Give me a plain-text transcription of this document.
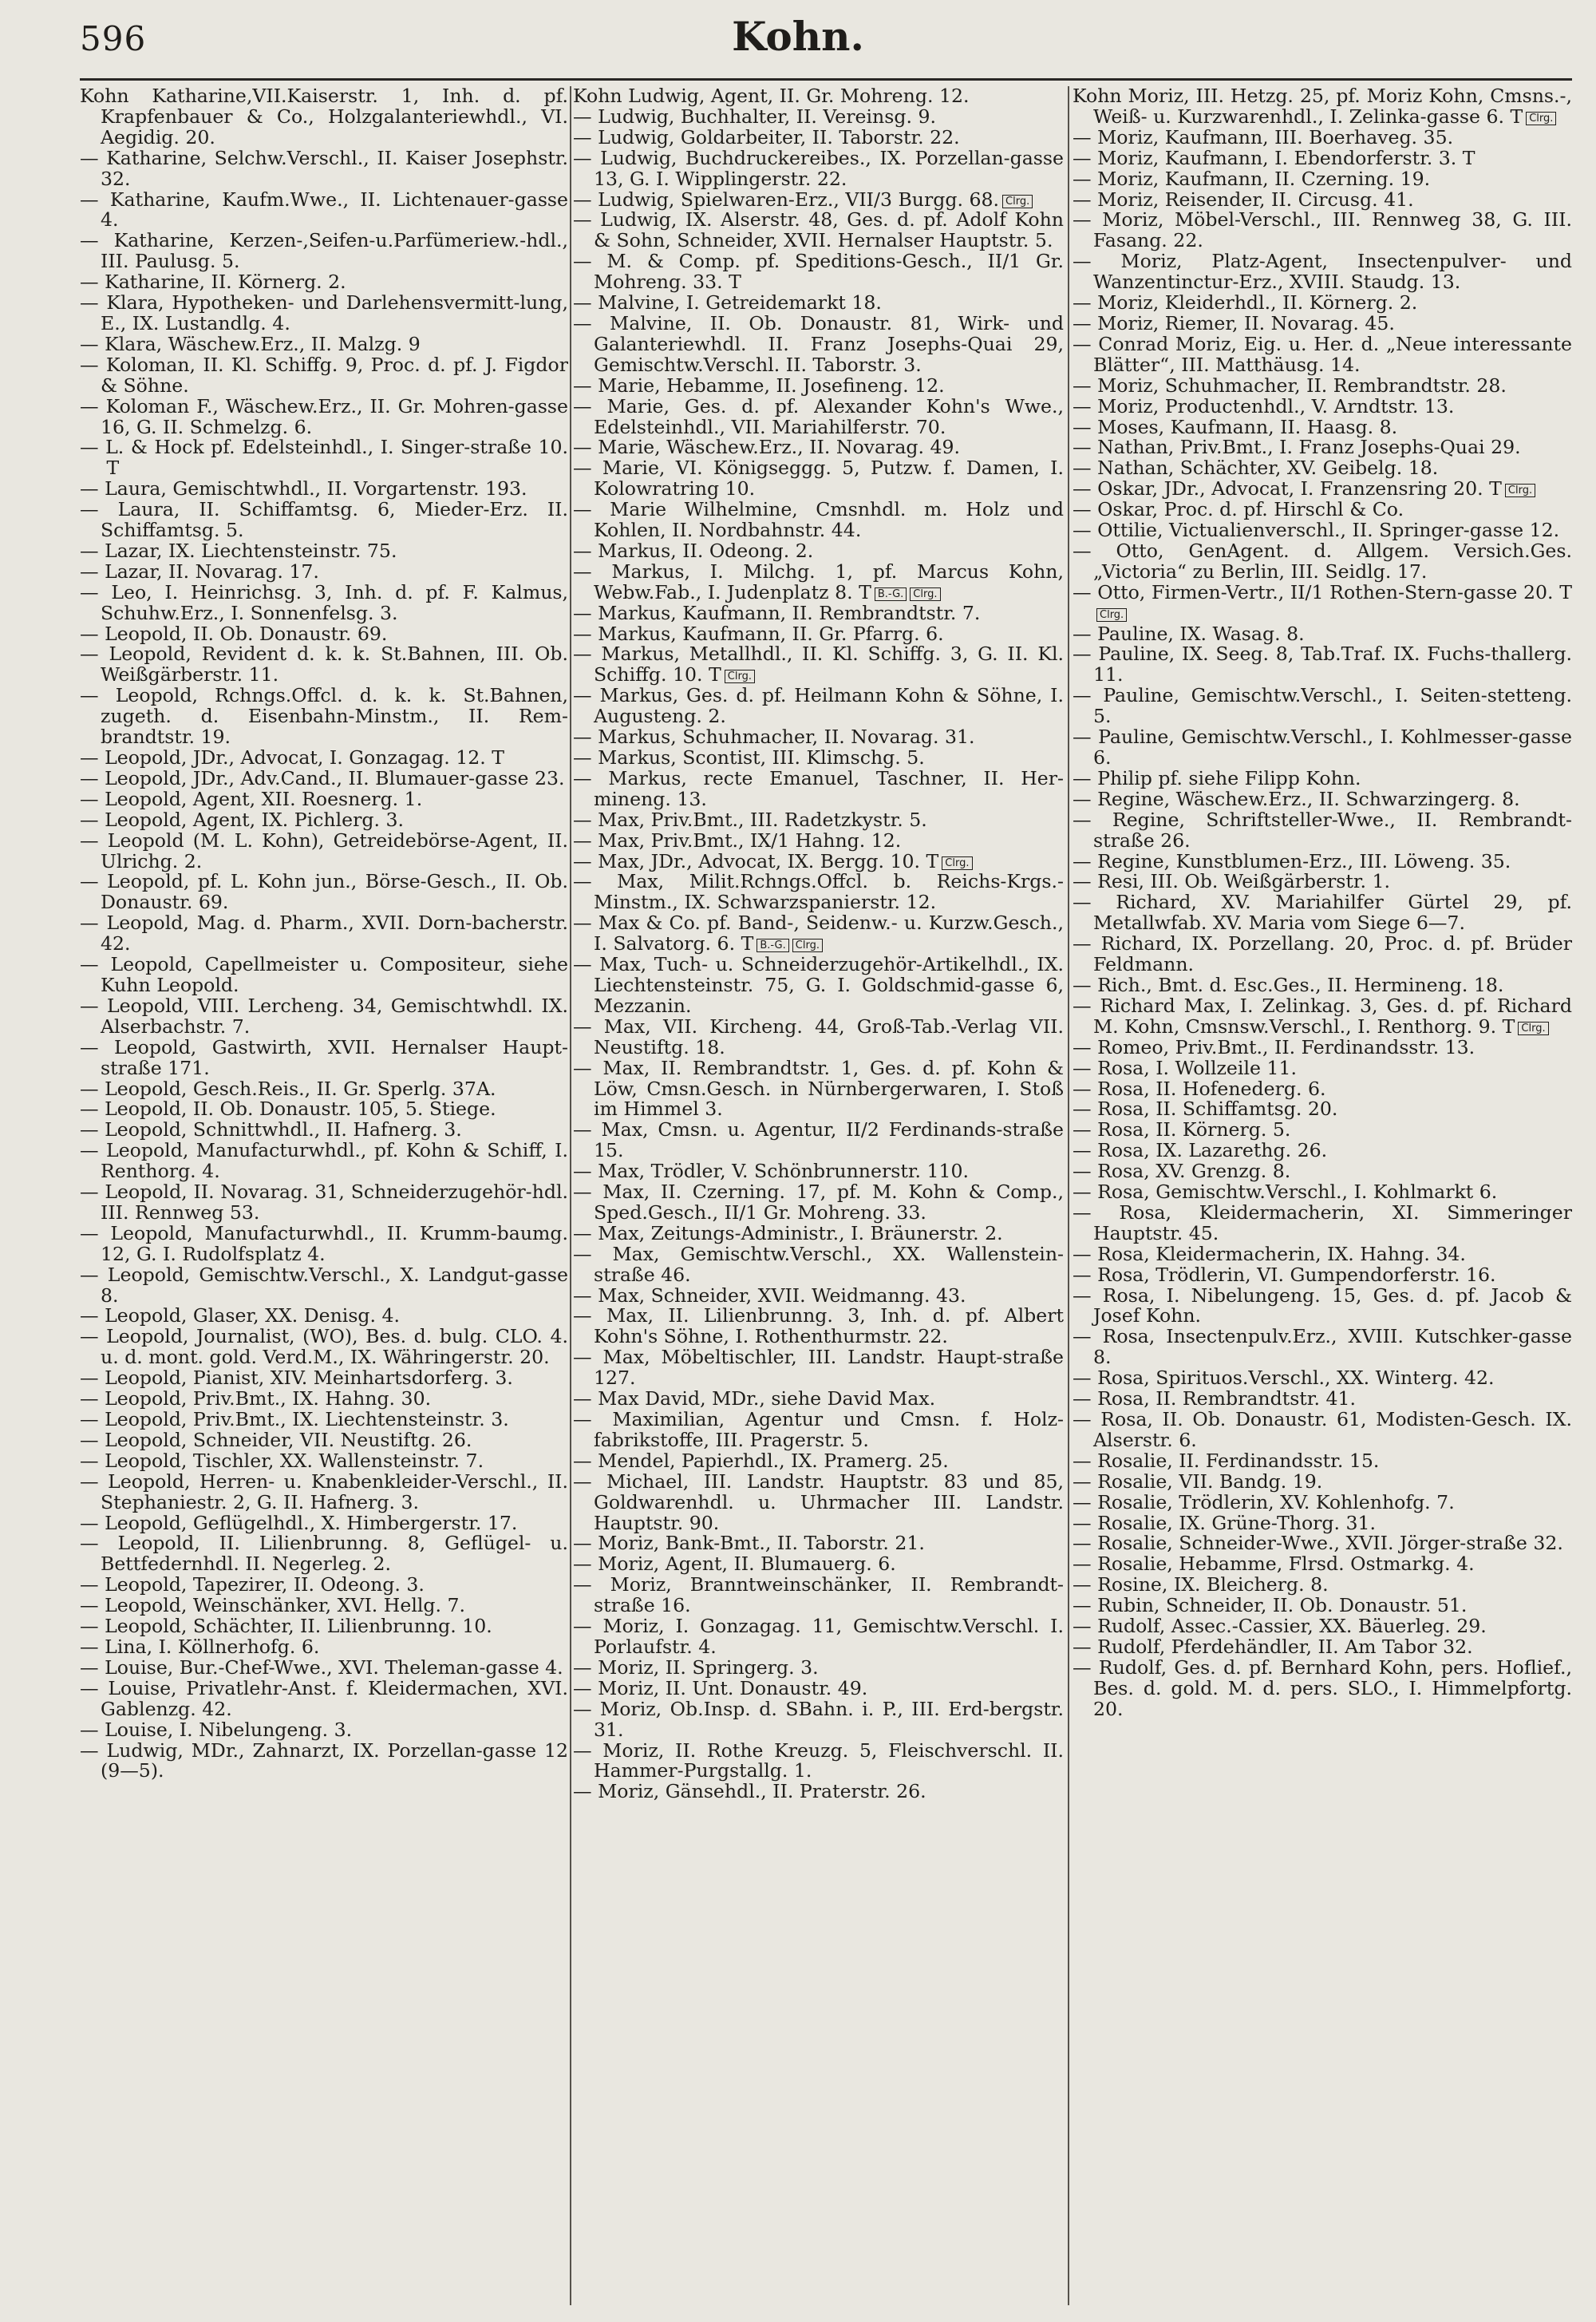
596	Kohn.
Kohn Katharine,VII.Kaiserstr. 1, Inh. d. pf. Krapfenbauer & Co., Holzgalanteriewhdl., VI. Aegidig. 20.
— Katharine, Selchw.Verschl., II. Kaiser Josephstr. 32.
— Katharine, Kaufm.Wwe., II. Lichtenauer-gasse 4.
— Katharine, Kerzen-,Seifen-u.Parfümeriew.-hdl., III. Paulusg. 5.
— Katharine, II. Körnerg. 2.
— Klara, Hypotheken- und Darlehensvermitt-lung, E., IX. Lustandlg. 4.
— Klara, Wäschew.Erz., II. Malzg. 9
— Koloman, II. Kl. Schiffg. 9, Proc. d. pf. J. Figdor & Söhne.
— Koloman F., Wäschew.Erz., II. Gr. Mohren-gasse 16, G. II. Schmelzg. 6.
— L. & Hock pf. Edelsteinhdl., I. Singer-straße 10. T
— Laura, Gemischtwhdl., II. Vorgartenstr. 193.
— Laura, II. Schiffamtsg. 6, Mieder-Erz. II. Schiffamtsg. 5.
— Lazar, IX. Liechtensteinstr. 75.
— Lazar, II. Novarag. 17.
— Leo, I. Heinrichsg. 3, Inh. d. pf. F. Kalmus, Schuhw.Erz., I. Sonnenfelsg. 3.
— Leopold, II. Ob. Donaustr. 69.
— Leopold, Revident d. k. k. St.Bahnen, III. Ob. Weißgärberstr. 11.
— Leopold, Rchngs.Offcl. d. k. k. St.Bahnen, zugeth. d. Eisenbahn-Minstm., II. Rem-brandtstr. 19.
— Leopold, JDr., Advocat, I. Gonzagag. 12. T
— Leopold, JDr., Adv.Cand., II. Blumauer-gasse 23.
— Leopold, Agent, XII. Roesnerg. 1.
— Leopold, Agent, IX. Pichlerg. 3.
— Leopold (M. L. Kohn), Getreidebörse-Agent, II. Ulrichg. 2.
— Leopold, pf. L. Kohn jun., Börse-Gesch., II. Ob. Donaustr. 69.
— Leopold, Mag. d. Pharm., XVII. Dorn-bacherstr. 42.
— Leopold, Capellmeister u. Compositeur, siehe Kuhn Leopold.
— Leopold, VIII. Lercheng. 34, Gemischtwhdl. IX. Alserbachstr. 7.
— Leopold, Gastwirth, XVII. Hernalser Haupt-straße 171.
— Leopold, Gesch.Reis., II. Gr. Sperlg. 37A.
— Leopold, II. Ob. Donaustr. 105, 5. Stiege.
— Leopold, Schnittwhdl., II. Hafnerg. 3.
— Leopold, Manufacturwhdl., pf. Kohn & Schiff, I. Renthorg. 4.
— Leopold, II. Novarag. 31, Schneiderzugehör-hdl. III. Rennweg 53.
— Leopold, Manufacturwhdl., II. Krumm-baumg. 12, G. I. Rudolfsplatz 4.
— Leopold, Gemischtw.Verschl., X. Landgut-gasse 8.
— Leopold, Glaser, XX. Denisg. 4.
— Leopold, Journalist, (WO), Bes. d. bulg. CLO. 4. u. d. mont. gold. Verd.M., IX. Währingerstr. 20.
— Leopold, Pianist, XIV. Meinhartsdorferg. 3.
— Leopold, Priv.Bmt., IX. Hahng. 30.
— Leopold, Priv.Bmt., IX. Liechtensteinstr. 3.
— Leopold, Schneider, VII. Neustiftg. 26.
— Leopold, Tischler, XX. Wallensteinstr. 7.
— Leopold, Herren- u. Knabenkleider-Verschl., II. Stephaniestr. 2, G. II. Hafnerg. 3.
— Leopold, Geflügelhdl., X. Himbergerstr. 17.
— Leopold, II. Lilienbrunng. 8, Geflügel- u. Bettfedernhdl. II. Negerleg. 2.
— Leopold, Tapezirer, II. Odeong. 3.
— Leopold, Weinschänker, XVI. Hellg. 7.
— Leopold, Schächter, II. Lilienbrunng. 10.
— Lina, I. Köllnerhofg. 6.
— Louise, Bur.-Chef-Wwe., XVI. Theleman-gasse 4.
— Louise, Privatlehr-Anst. f. Kleidermachen, XVI. Gablenzg. 42.
— Louise, I. Nibelungeng. 3.
— Ludwig, MDr., Zahnarzt, IX. Porzellan-gasse 12 (9—5).
Kohn Ludwig, Agent, II. Gr. Mohreng. 12.
— Ludwig, Buchhalter, II. Vereinsg. 9.
— Ludwig, Goldarbeiter, II. Taborstr. 22.
— Ludwig, Buchdruckereibes., IX. Porzellan-gasse 13, G. I. Wipplingerstr. 22.
— Ludwig, Spielwaren-Erz., VII/3 Burgg. 68. Clrg.
— Ludwig, IX. Alserstr. 48, Ges. d. pf. Adolf Kohn & Sohn, Schneider, XVII. Hernalser Hauptstr. 5.
— M. & Comp. pf. Speditions-Gesch., II/1 Gr. Mohreng. 33. T
— Malvine, I. Getreidemarkt 18.
— Malvine, II. Ob. Donaustr. 81, Wirk- und Galanteriewhdl. II. Franz Josephs-Quai 29, Gemischtw.Verschl. II. Taborstr. 3.
— Marie, Hebamme, II. Josefineng. 12.
— Marie, Ges. d. pf. Alexander Kohn's Wwe., Edelsteinhdl., VII. Mariahilferstr. 70.
— Marie, Wäschew.Erz., II. Novarag. 49.
— Marie, VI. Königseggg. 5, Putzw. f. Damen, I. Kolowratring 10.
— Marie Wilhelmine, Cmsnhdl. m. Holz und Kohlen, II. Nordbahnstr. 44.
— Markus, II. Odeong. 2.
— Markus, I. Milchg. 1, pf. Marcus Kohn, Webw.Fab., I. Judenplatz 8. T B.-G. Clrg.
— Markus, Kaufmann, II. Rembrandtstr. 7.
— Markus, Kaufmann, II. Gr. Pfarrg. 6.
— Markus, Metallhdl., II. Kl. Schiffg. 3, G. II. Kl. Schiffg. 10. T Clrg.
— Markus, Ges. d. pf. Heilmann Kohn & Söhne, I. Augusteng. 2.
— Markus, Schuhmacher, II. Novarag. 31.
— Markus, Scontist, III. Klimschg. 5.
— Markus, recte Emanuel, Taschner, II. Her-mineng. 13.
— Max, Priv.Bmt., III. Radetzkystr. 5.
— Max, Priv.Bmt., IX/1 Hahng. 12.
— Max, JDr., Advocat, IX. Bergg. 10. T Clrg.
— Max, Milit.Rchngs.Offcl. b. Reichs-Krgs.-Minstm., IX. Schwarzspanierstr. 12.
— Max & Co. pf. Band-, Seidenw.- u. Kurzw.Gesch., I. Salvatorg. 6. T B.-G. Clrg.
— Max, Tuch- u. Schneiderzugehör-Artikelhdl., IX. Liechtensteinstr. 75, G. I. Goldschmid-gasse 6, Mezzanin.
— Max, VII. Kircheng. 44, Groß-Tab.-Verlag VII. Neustiftg. 18.
— Max, II. Rembrandtstr. 1, Ges. d. pf. Kohn & Löw, Cmsn.Gesch. in Nürnbergerwaren, I. Stoß im Himmel 3.
— Max, Cmsn. u. Agentur, II/2 Ferdinands-straße 15.
— Max, Trödler, V. Schönbrunnerstr. 110.
— Max, II. Czerning. 17, pf. M. Kohn & Comp., Sped.Gesch., II/1 Gr. Mohreng. 33.
— Max, Zeitungs-Administr., I. Bräunerstr. 2.
— Max, Gemischtw.Verschl., XX. Wallenstein-straße 46.
— Max, Schneider, XVII. Weidmanng. 43.
— Max, II. Lilienbrunng. 3, Inh. d. pf. Albert Kohn's Söhne, I. Rothenthurmstr. 22.
— Max, Möbeltischler, III. Landstr. Haupt-straße 127.
— Max David, MDr., siehe David Max.
— Maximilian, Agentur und Cmsn. f. Holz-fabrikstoffe, III. Pragerstr. 5.
— Mendel, Papierhdl., IX. Pramerg. 25.
— Michael, III. Landstr. Hauptstr. 83 und 85, Goldwarenhdl. u. Uhrmacher III. Landstr. Hauptstr. 90.
— Moriz, Bank-Bmt., II. Taborstr. 21.
— Moriz, Agent, II. Blumauerg. 6.
— Moriz, Branntweinschänker, II. Rembrandt-straße 16.
— Moriz, I. Gonzagag. 11, Gemischtw.Verschl. I. Porlaufstr. 4.
— Moriz, II. Springerg. 3.
— Moriz, II. Unt. Donaustr. 49.
— Moriz, Ob.Insp. d. SBahn. i. P., III. Erd-bergstr. 31.
— Moriz, II. Rothe Kreuzg. 5, Fleischverschl. II. Hammer-Purgstallg. 1.
— Moriz, Gänsehdl., II. Praterstr. 26.
Kohn Moriz, III. Hetzg. 25, pf. Moriz Kohn, Cmsns.-, Weiß- u. Kurzwarenhdl., I. Zelinka-gasse 6. T Clrg.
— Moriz, Kaufmann, III. Boerhaveg. 35.
— Moriz, Kaufmann, I. Ebendorferstr. 3. T
— Moriz, Kaufmann, II. Czerning. 19.
— Moriz, Reisender, II. Circusg. 41.
— Moriz, Möbel-Verschl., III. Rennweg 38, G. III. Fasang. 22.
— Moriz, Platz-Agent, Insectenpulver- und Wanzentinctur-Erz., XVIII. Staudg. 13.
— Moriz, Kleiderhdl., II. Körnerg. 2.
— Moriz, Riemer, II. Novarag. 45.
— Conrad Moriz, Eig. u. Her. d. „Neue interessante Blätter“, III. Matthäusg. 14.
— Moriz, Schuhmacher, II. Rembrandtstr. 28.
— Moriz, Productenhdl., V. Arndtstr. 13.
— Moses, Kaufmann, II. Haasg. 8.
— Nathan, Priv.Bmt., I. Franz Josephs-Quai 29.
— Nathan, Schächter, XV. Geibelg. 18.
— Oskar, JDr., Advocat, I. Franzensring 20. T Clrg.
— Oskar, Proc. d. pf. Hirschl & Co.
— Ottilie, Victualienverschl., II. Springer-gasse 12.
— Otto, GenAgent. d. Allgem. Versich.Ges. „Victoria“ zu Berlin, III. Seidlg. 17.
— Otto, Firmen-Vertr., II/1 Rothen-Stern-gasse 20. TClrg.
— Pauline, IX. Wasag. 8.
— Pauline, IX. Seeg. 8, Tab.Traf. IX. Fuchs-thallerg. 11.
— Pauline, Gemischtw.Verschl., I. Seiten-stetteng. 5.
— Pauline, Gemischtw.Verschl., I. Kohlmesser-gasse 6.
— Philip pf. siehe Filipp Kohn.
— Regine, Wäschew.Erz., II. Schwarzingerg. 8.
— Regine, Schriftsteller-Wwe., II. Rembrandt-straße 26.
— Regine, Kunstblumen-Erz., III. Löweng. 35.
— Resi, III. Ob. Weißgärberstr. 1.
— Richard, XV. Mariahilfer Gürtel 29, pf. Metallwfab. XV. Maria vom Siege 6—7.
— Richard, IX. Porzellang. 20, Proc. d. pf. Brüder Feldmann.
— Rich., Bmt. d. Esc.Ges., II. Hermineng. 18.
— Richard Max, I. Zelinkag. 3, Ges. d. pf. Richard M. Kohn, Cmsnsw.Verschl., I. Renthorg. 9. T Clrg.
— Romeo, Priv.Bmt., II. Ferdinandsstr. 13.
— Rosa, I. Wollzeile 11.
— Rosa, II. Hofenederg. 6.
— Rosa, II. Schiffamtsg. 20.
— Rosa, II. Körnerg. 5.
— Rosa, IX. Lazarethg. 26.
— Rosa, XV. Grenzg. 8.
— Rosa, Gemischtw.Verschl., I. Kohlmarkt 6.
— Rosa, Kleidermacherin, XI. Simmeringer Hauptstr. 45.
— Rosa, Kleidermacherin, IX. Hahng. 34.
— Rosa, Trödlerin, VI. Gumpendorferstr. 16.
— Rosa, I. Nibelungeng. 15, Ges. d. pf. Jacob & Josef Kohn.
— Rosa, Insectenpulv.Erz., XVIII. Kutschker-gasse 8.
— Rosa, Spirituos.Verschl., XX. Winterg. 42.
— Rosa, II. Rembrandtstr. 41.
— Rosa, II. Ob. Donaustr. 61, Modisten-Gesch. IX. Alserstr. 6.
— Rosalie, II. Ferdinandsstr. 15.
— Rosalie, VII. Bandg. 19.
— Rosalie, Trödlerin, XV. Kohlenhofg. 7.
— Rosalie, IX. Grüne-Thorg. 31.
— Rosalie, Schneider-Wwe., XVII. Jörger-straße 32.
— Rosalie, Hebamme, Flrsd. Ostmarkg. 4.
— Rosine, IX. Bleicherg. 8.
— Rubin, Schneider, II. Ob. Donaustr. 51.
— Rudolf, Assec.-Cassier, XX. Bäuerleg. 29.
— Rudolf, Pferdehändler, II. Am Tabor 32.
— Rudolf, Ges. d. pf. Bernhard Kohn, pers. Hoflief., Bes. d. gold. M. d. pers. SLO., I. Himmelpfortg. 20.
